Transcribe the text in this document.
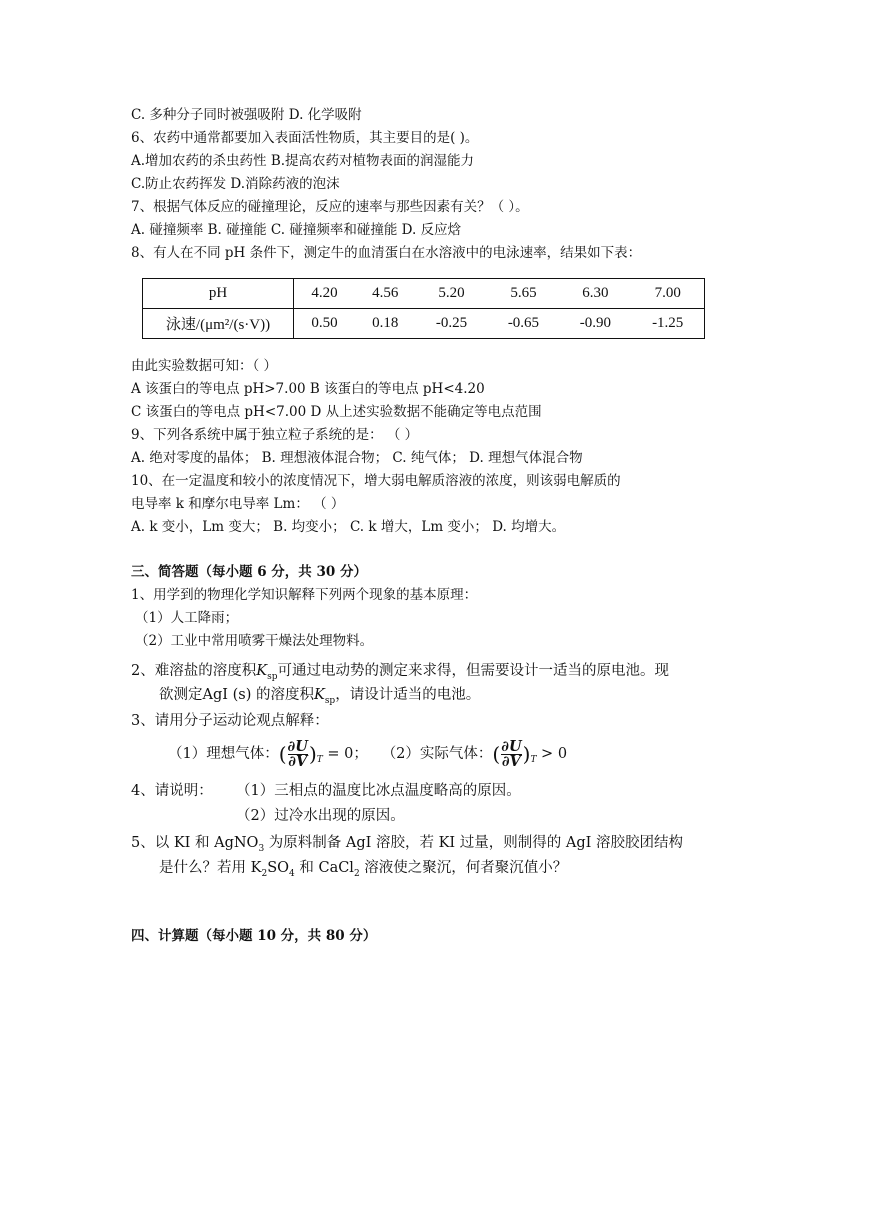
C. 多种分子同时被强吸附 D. 化学吸附
6、农药中通常都要加入表面活性物质，其主要目的是( )。
A.增加农药的杀虫药性 B.提高农药对植物表面的润湿能力
C.防止农药挥发 D.消除药液的泡沫
7、根据气体反应的碰撞理论，反应的速率与那些因素有关？（ ）。
A. 碰撞频率 B. 碰撞能 C. 碰撞频率和碰撞能 D. 反应焓
8、有人在不同 pH 条件下，测定牛的血清蛋白在水溶液中的电泳速率，结果如下表：
pH	4.20	4.56	5.20	5.65	6.30	7.00
泳速/(μm²/(s·V))	0.50	0.18	-0.25	-0.65	-0.90	-1.25
由此实验数据可知：（ ）
A 该蛋白的等电点 pH>7.00 B 该蛋白的等电点 pH<4.20
C 该蛋白的等电点 pH<7.00 D 从上述实验数据不能确定等电点范围
9、下列各系统中属于独立粒子系统的是： （ ）
A. 绝对零度的晶体； B. 理想液体混合物； C. 纯气体； D. 理想气体混合物
10、在一定温度和较小的浓度情况下，增大弱电解质溶液的浓度，则该弱电解质的
电导率 k 和摩尔电导率 Lm： （ ）
A. k 变小，Lm 变大； B. 均变小； C. k 增大，Lm 变小； D. 均增大。
三、简答题（每小题 6 分，共 30 分）
1、用学到的物理化学知识解释下列两个现象的基本原理：
（1）人工降雨；
（2）工业中常用喷雾干燥法处理物料。
2、难溶盐的溶度积$K_{sp}$可通过电动势的测定来求得，但需要设计一适当的原电池。现
欲测定AgI (s) 的溶度积$K_{sp}$，请设计适当的电池。
3、请用分子运动论观点解释：
（1）理想气体：( $\frac{\partial U}{\partial V} )_T = 0$； （2）实际气体：( $\frac{\partial U}{\partial V} )_T > 0$
4、请说明： （1）三相点的温度比冰点温度略高的原因。
（2）过冷水出现的原因。
5、以 KI 和 AgNO$_3$ 为原料制备 AgI 溶胶，若 KI 过量，则制得的 AgI 溶胶胶团结构
是什么？若用 $K_2SO_4$ 和 CaCl$_2$ 溶液使之聚沉，何者聚沉值小？
四、计算题（每小题 10 分，共 80 分）
